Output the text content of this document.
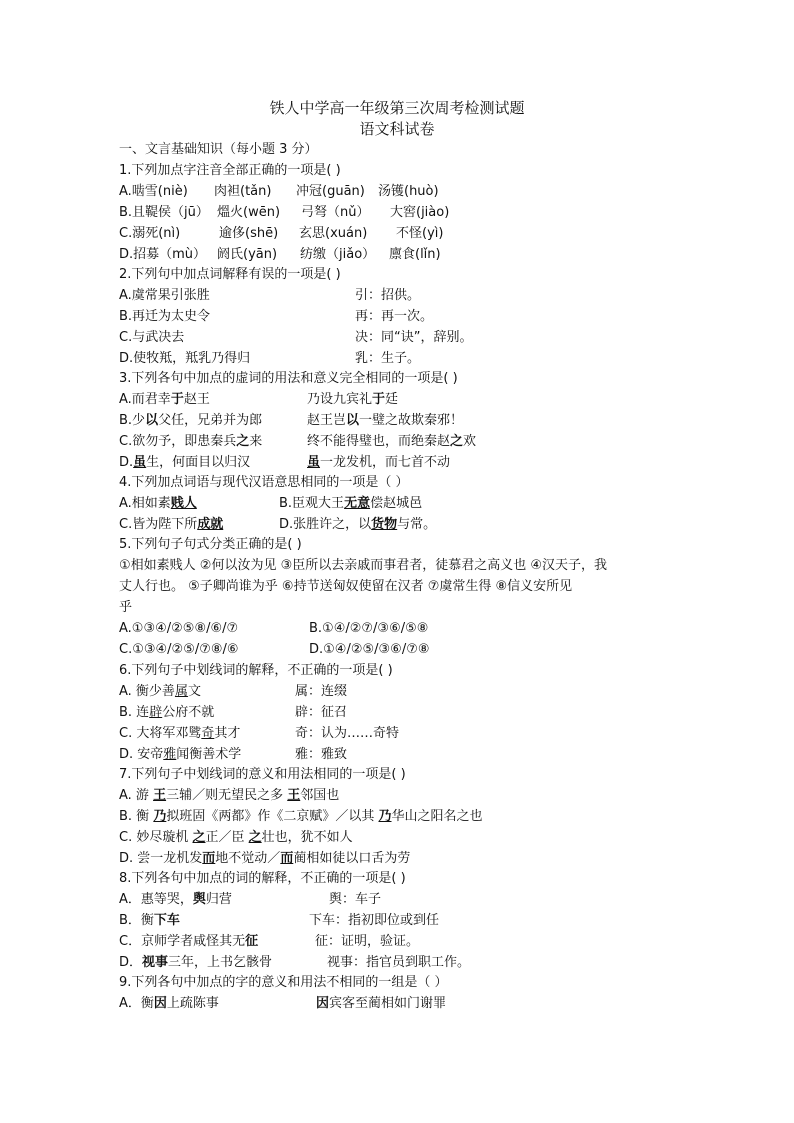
铁人中学高一年级第三次周考检测试题
语文科试卷
一、文言基础知识（每小题 3 分）
1.下列加点字注音全部正确的一项是( )
A.啮雪(niè) 肉袒(tǎn) 冲冠(guān) 汤镬(huò)
B.且鞮侯（jū） 熅火(wēn) 弓弩（nǔ） 大窖(jiào)
C.溺死(nì)	逾侈(shē) 玄思(xuán) 不怪(yì)
D.招募（mù） 阏氏(yān) 纺缴（jiǎo） 廪食(lǐn)
2.下列句中加点词解释有误的一项是( )
A.虞常果引张胜	引：招供。
B.再迁为太史令	再：再一次。
C.与武决去	决：同“诀”，辞别。
D.使牧羝，羝乳乃得归	乳：生子。
3.下列各句中加点的虚词的用法和意义完全相同的一项是( )
A.而君幸于赵王	乃设九宾礼于廷
B.少以父任，兄弟并为郎	赵王岂以一璧之故欺秦邪！
C.欲勿予，即患秦兵之来	终不能得璧也，而绝秦赵之欢
D.虽生，何面目以归汉	虽一龙发机，而七首不动
4.下列加点词语与现代汉语意思相同的一项是（ ）
A.相如素贱人	B.臣观大王无意偿赵城邑
C.皆为陛下所成就	D.张胜许之，以货物与常。
5.下列句子句式分类正确的是( )
①相如素贱人 ②何以汝为见 ③臣所以去亲戚而事君者，徒慕君之高义也 ④汉天子，我
丈人行也。 ⑤子卿尚谁为乎 ⑥持节送匈奴使留在汉者 ⑦虞常生得 ⑧信义安所见
乎
A.①③④/②⑤⑧/⑥/⑦	B.①④/②⑦/③⑥/⑤⑧
C.①③④/②⑤/⑦⑧/⑥	D.①④/②⑤/③⑥/⑦⑧
6.下列句子中划线词的解释，不正确的一项是( )
A. 衡少善属文	属：连缀
B. 连辟公府不就	辟：征召
C. 大将军邓骘奇其才	奇：认为……奇特
D. 安帝雅闻衡善术学	雅：雅致
7.下列句子中划线词的意义和用法相同的一项是( )
A. 游 王三辅／则无望民之多 王邻国也
B. 衡 乃拟班固《两都》作《二京赋》／以其 乃华山之阳名之也
C. 妙尽璇机 之正／臣 之壮也，犹不如人
D. 尝一龙机发而地不觉动／而蔺相如徒以口舌为劳
8.下列各句中加点的词的解释，不正确的一项是( )
A．惠等哭，舆归营	舆：车子
B．衡下车	下车：指初即位或到任
C．京师学者咸怪其无征	征：证明，验证。
D．视事三年，上书乞骸骨	视事：指官员到职工作。
9.下列各句中加点的字的意义和用法不相同的一组是（ ）
A．衡因上疏陈事	因宾客至蔺相如门谢罪
